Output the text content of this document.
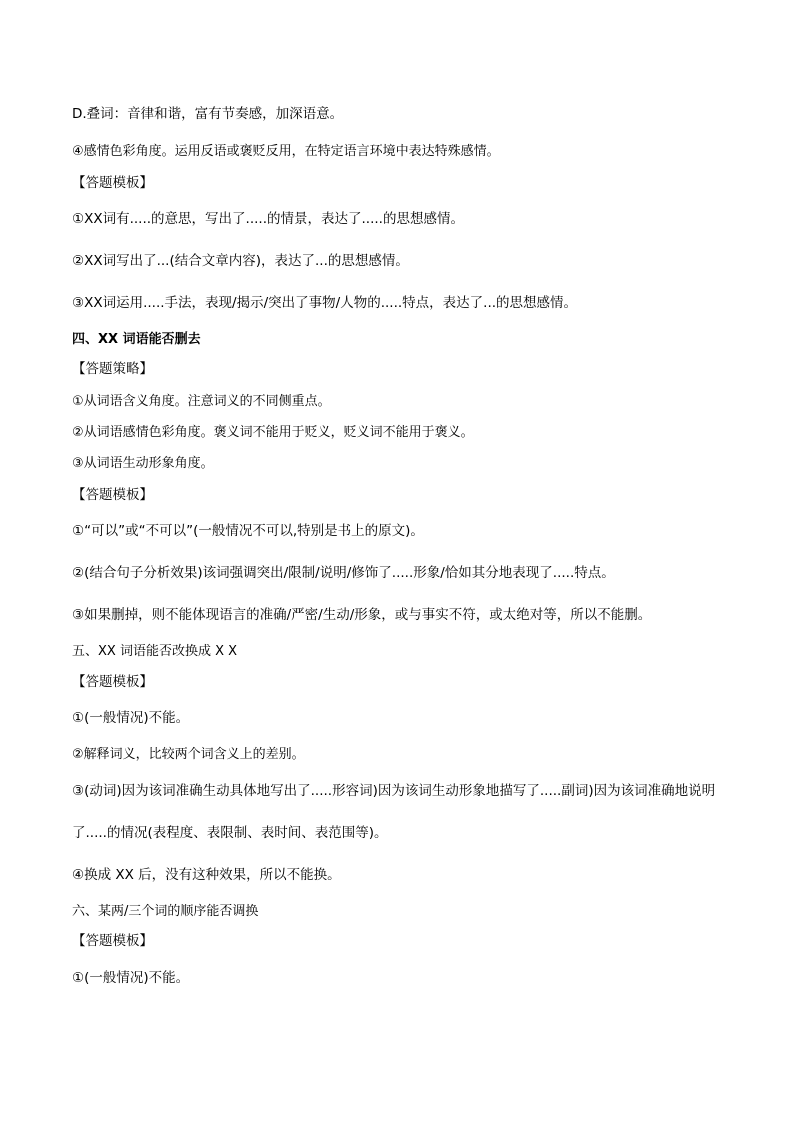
D.叠词：音律和谐，富有节奏感，加深语意。
④感情色彩角度。运用反语或褒贬反用，在特定语言环境中表达特殊感情。
【答题模板】
①XX词有.....的意思，写出了.....的情景，表达了.....的思想感情。
②XX词写出了...(结合文章内容)，表达了...的思想感情。
③XX词运用.....手法，表现/揭示/突出了事物/人物的.....特点，表达了...的思想感情。
四、XX 词语能否删去
【答题策略】
①从词语含义角度。注意词义的不同侧重点。
②从词语感情色彩角度。褒义词不能用于贬义，贬义词不能用于褒义。
③从词语生动形象角度。
【答题模板】
①“可以”或“不可以”(一般情况不可以,特别是书上的原文)。
②(结合句子分析效果)该词强调突出/限制/说明/修饰了.....形象/恰如其分地表现了.....特点。
③如果删掉，则不能体现语言的准确/严密/生动/形象，或与事实不符，或太绝对等，所以不能删。
五、XX 词语能否改换成 X X
【答题模板】
①(一般情况)不能。
②解释词义，比较两个词含义上的差别。
③(动词)因为该词准确生动具体地写出了.....形容词)因为该词生动形象地描写了.....副词)因为该词准确地说明
了.....的情况(表程度、表限制、表时间、表范围等)。
④换成 XX 后，没有这种效果，所以不能换。
六、某两/三个词的顺序能否调换
【答题模板】
①(一般情况)不能。
